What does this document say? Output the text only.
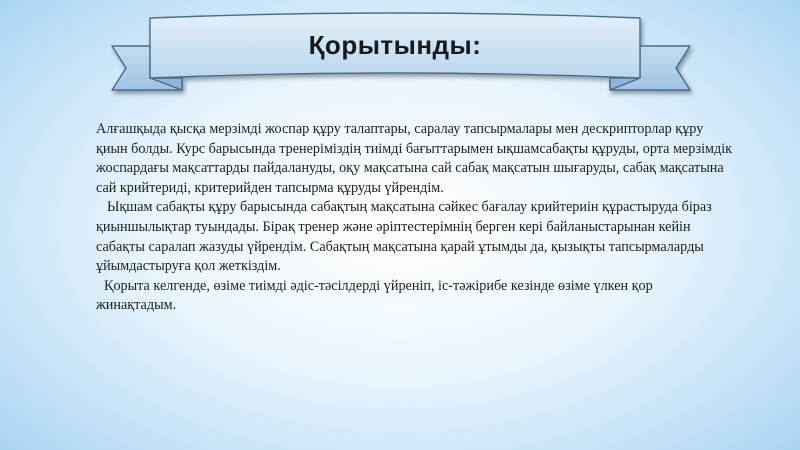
Қорытынды:

Алғашқыда қысқа мерзімді жоспар құру талаптары, саралау тапсырмалары мен дескрипторлар құру қиын болды. Курс барысында тренеріміздің тиімді бағыттарымен ықшамсабақты құруды, орта мерзімдік жоспардағы мақсаттарды пайдалануды, оқу мақсатына сай сабақ мақсатын шығаруды, сабақ мақсатына сай крийтериді, критерийден тапсырма құруды үйрендім.

Ықшам сабақты құру барысында сабақтың мақсатына сәйкес бағалау крийтериін құрастыруда біраз қиыншылықтар туындады. Бірақ тренер және әріптестерімнің берген кері байланыстарынан кейін сабақты саралап жазуды үйрендім. Сабақтың мақсатына қарай ұтымды да, қызықты тапсырмаларды ұйымдастыруға қол жеткіздім.

Қорыта келгенде, өзіме тиімді әдіс-тәсілдерді үйреніп, іс-тәжірибе кезінде өзіме үлкен қор жинақтадым.
